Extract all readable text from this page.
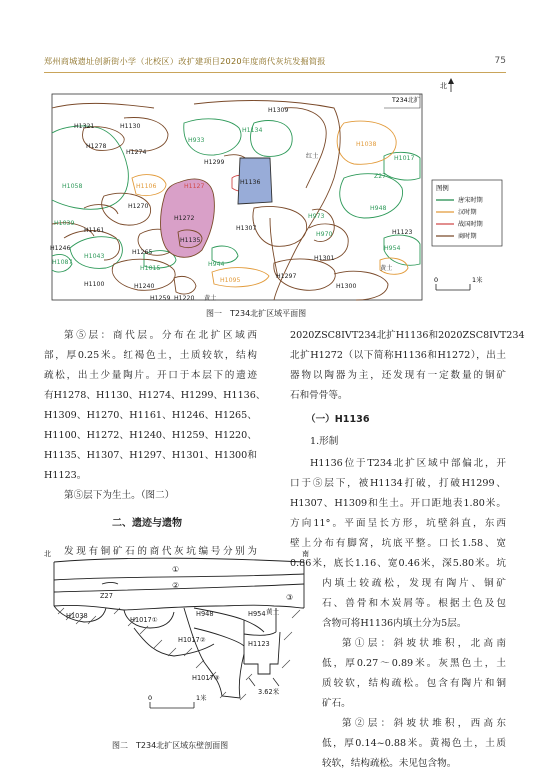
郑州商城遗址创新街小学（北校区）改扩建项目2020年度商代灰坑发掘简报	75
北
T234北扩
H1321	H1130
H1309
H1134
H1278
H933
H1274
H1038
H1299
H1017
红土
H1058	H1106	H1127
H1136
Z27
H1270	H948
H1039
H1272	H973
H1161	H1307
H970	H1123
H1135
H1246
H1265
H954
H1043
H1087	H944
H1301
黄土
H1015
H1095
H1297
H1100	H1240	H1300
H1259 H1220 黄土
图例
唐宋时期
汉时期
战国时期
商时期
0	1米
图一　T234北扩区域平面图
第⑤层：商代层。分布在北扩区域西
部，厚0.25米。红褐色土，土质较软，结构
疏松，出土少量陶片。开口于本层下的遗迹
有H1278、H1130、H1274、H1299、H1136、
H1309、H1270、H1161、H1246、H1265、
H1100、H1272、H1240、H1259、H1220、
H1135、H1307、H1297、H1301、H1300和
H1123。
第⑤层下为生土。（图二）
二、遗迹与遗物
发现有铜矿石的商代灰坑编号分别为
2020ZSC8IVT234北扩H1136和2020ZSC8IVT234
北扩H1272（以下简称H1136和H1272），出土
器物以陶器为主，还发现有一定数量的铜矿
石和骨骨等。
（一）H1136
1.形制
H1136位于T234北扩区域中部偏北，开
口于⑤层下，被H1134打破，打破H1299、
H1307、H1309和生土。开口距地表1.80米。
方向11°。平面呈长方形，坑壁斜直，东西
壁上分布有脚窝，坑底平整。口长1.58、宽
0.86米，底长1.16、宽0.46米，深5.80米。坑
内填土较疏松，发现有陶片、铜矿
石、兽骨和木炭屑等。根据土色及包
含物可将H1136内填土分为5层。
第①层：斜坡状堆积，北高南
低，厚0.27～0.89米。灰黑色土，土
质较软，结构疏松。包含有陶片和铜
矿石。
第②层：斜坡状堆积，西高东
低，厚0.14~0.88米。黄褐色土，土质
较软，结构疏松。未见包含物。
北	南
①
②
③
Z27
H1038	H1017①
H948	H954 黄土
H1017②	H1123
3.62米
H1017③
0	1米
图二　T234北扩区域东壁剖面图
